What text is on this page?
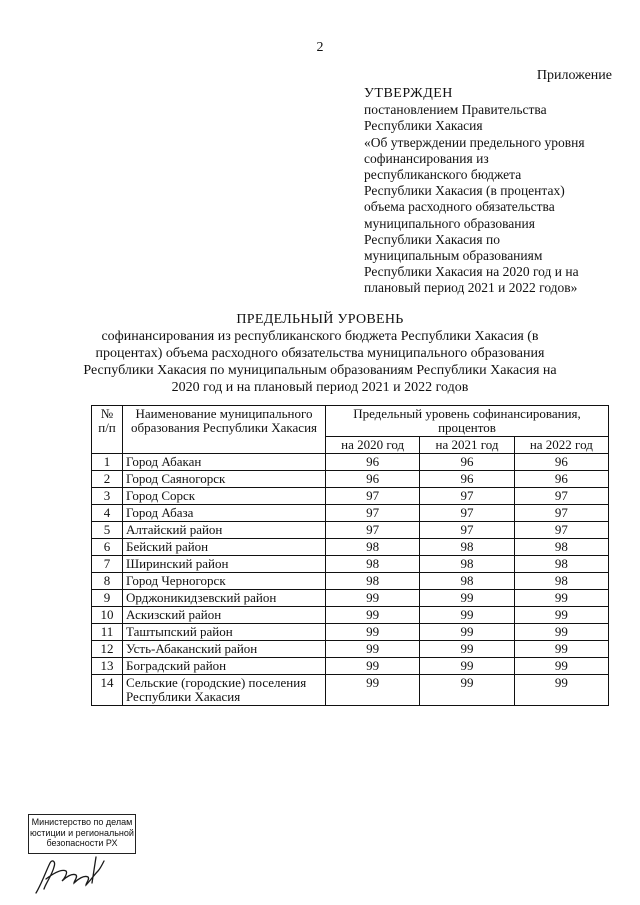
2
Приложение
УТВЕРЖДЕН
постановлением Правительства
Республики Хакасия
«Об утверждении предельного уровня
софинансирования из
республиканского бюджета
Республики Хакасия (в процентах)
объема расходного обязательства
муниципального образования
Республики Хакасия по
муниципальным образованиям
Республики Хакасия на 2020 год и на
плановый период 2021 и 2022 годов»
ПРЕДЕЛЬНЫЙ УРОВЕНЬ
софинансирования из республиканского бюджета Республики Хакасия (в
процентах) объема расходного обязательства муниципального образования
Республики Хакасия по муниципальным образованиям Республики Хакасия на
2020 год и на плановый период 2021 и 2022 годов
№ п/п	Наименование муниципального образования Республики Хакасия	Предельный уровень софинансирования, процентов		
		на 2020 год	на 2021 год	на 2022 год
1	Город Абакан	96	96	96
2	Город Саяногорск	96	96	96
3	Город Сорск	97	97	97
4	Город Абаза	97	97	97
5	Алтайский район	97	97	97
6	Бейский район	98	98	98
7	Ширинский район	98	98	98
8	Город Черногорск	98	98	98
9	Орджоникидзевский район	99	99	99
10	Аскизский район	99	99	99
11	Таштыпский район	99	99	99
12	Усть-Абаканский район	99	99	99
13	Боградский район	99	99	99
14	Сельские (городские) поселения Республики Хакасия	99	99	99
Министерство по делам
юстиции и региональной
безопасности РХ
